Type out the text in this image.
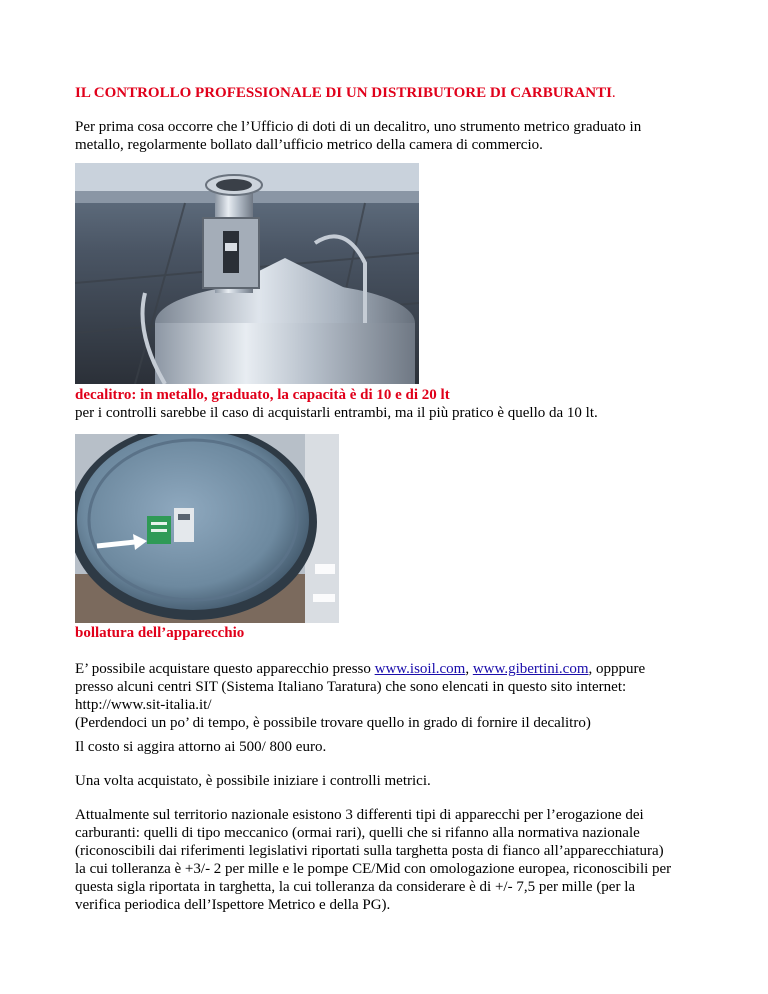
IL CONTROLLO PROFESSIONALE DI UN DISTRIBUTORE DI CARBURANTI.

Per prima cosa occorre che l’Ufficio di doti di un decalitro, uno strumento metrico graduato in
metallo, regolarmente bollato dall’ufficio metrico della camera di commercio.

decalitro: in metallo, graduato, la capacità è di 10 e di 20 lt
per i controlli sarebbe il caso di acquistarli entrambi, ma il più pratico è quello da 10 lt.

bollatura dell’apparecchio

E’ possibile acquistare questo apparecchio presso www.isoil.com, www.gibertini.com, opppure
presso alcuni centri SIT (Sistema Italiano Taratura) che sono elencati in questo sito internet:
http://www.sit-italia.it/
(Perdendoci un po’ di tempo, è possibile trovare quello in grado di fornire il decalitro)

Il costo si aggira attorno ai 500/ 800 euro.

Una volta acquistato, è possibile iniziare i controlli metrici.

Attualmente sul territorio nazionale esistono 3 differenti tipi di apparecchi per l’erogazione dei
carburanti: quelli di tipo meccanico (ormai rari), quelli che si rifanno alla normativa nazionale
(riconoscibili dai riferimenti legislativi riportati sulla targhetta posta di fianco all’apparecchiatura)
la cui tolleranza è +3/- 2 per mille e le pompe CE/Mid con omologazione europea, riconoscibili per
questa sigla riportata in targhetta, la cui tolleranza da considerare è di +/- 7,5 per mille (per la
verifica periodica dell’Ispettore Metrico e della PG).
